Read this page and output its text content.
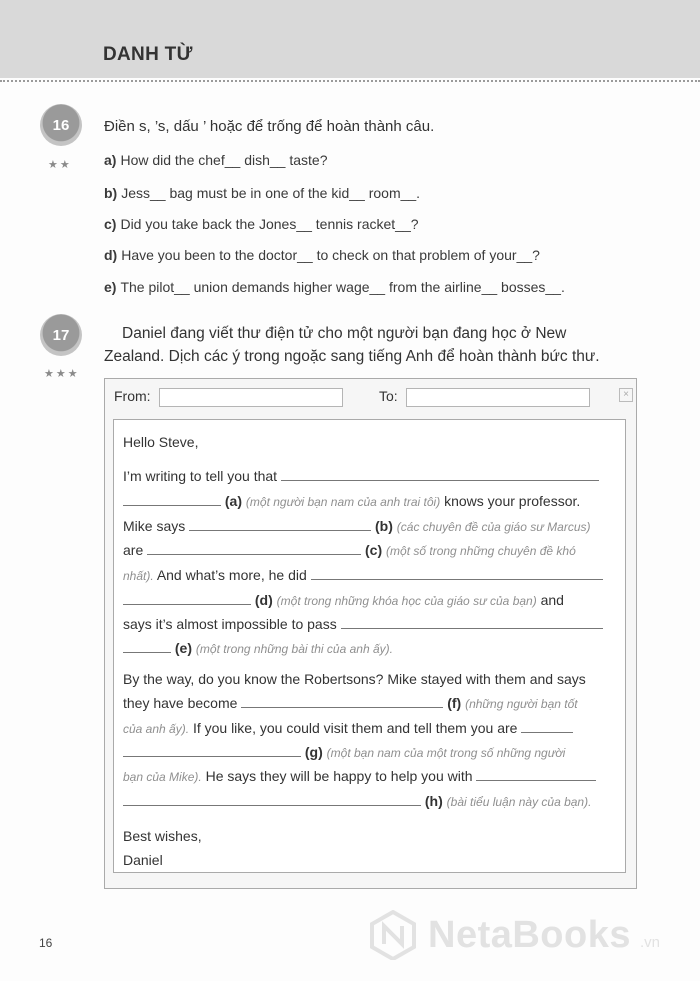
DANH TỪ
16
★★
Điền s, ’s, dấu ’ hoặc để trống để hoàn thành câu.
a) How did the chef__ dish__ taste?
b) Jess__ bag must be in one of the kid__ room__.
c) Did you take back the Jones__ tennis racket__?
d) Have you been to the doctor__ to check on that problem of your__?
e) The pilot__ union demands higher wage__ from the airline__ bosses__.
17
★★★
Daniel đang viết thư điện tử cho một người bạn đang học ở New Zealand. Dịch các ý trong ngoặc sang tiếng Anh để hoàn thành bức thư.
From:	To:	×
Hello Steve,
I’m writing to tell you that
(a) (một người bạn nam của anh trai tôi) knows your professor.
Mike says	(b) (các chuyên đề của giáo sư Marcus)
are	(c) (một số trong những chuyên đề khó
nhất). And what’s more, he did
(d) (một trong những khóa học của giáo sư của bạn) and
says it’s almost impossible to pass
(e) (một trong những bài thi của anh ấy).
By the way, do you know the Robertsons? Mike stayed with them and says
they have become	(f) (những người bạn tốt
của anh ấy). If you like, you could visit them and tell them you are
(g) (một bạn nam của một trong số những người
bạn của Mike). He says they will be happy to help you with
(h) (bài tiểu luận này của bạn).
Best wishes,
Daniel
16	NetaBooks .vn
